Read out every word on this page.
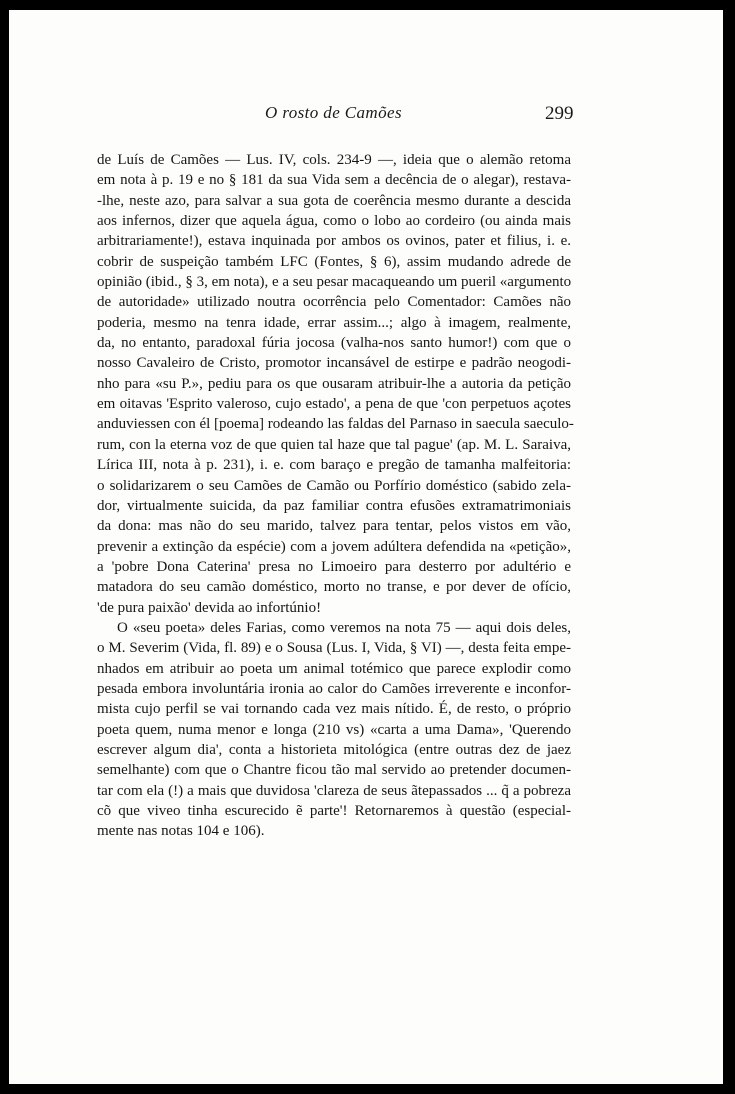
O rosto de Camões	299
de Luís de Camões — Lus. IV, cols. 234-9 —, ideia que o alemão retoma
em nota à p. 19 e no § 181 da sua Vida sem a decência de o alegar), restava-
-lhe, neste azo, para salvar a sua gota de coerência mesmo durante a descida
aos infernos, dizer que aquela água, como o lobo ao cordeiro (ou ainda mais
arbitrariamente!), estava inquinada por ambos os ovinos, pater et filius, i. e.
cobrir de suspeição também LFC (Fontes, § 6), assim mudando adrede de
opinião (ibid., § 3, em nota), e a seu pesar macaqueando um pueril «argumento
de autoridade» utilizado noutra ocorrência pelo Comentador: Camões não
poderia, mesmo na tenra idade, errar assim...; algo à imagem, realmente,
da, no entanto, paradoxal fúria jocosa (valha-nos santo humor!) com que o
nosso Cavaleiro de Cristo, promotor incansável de estirpe e padrão neogodi-
nho para «su P.», pediu para os que ousaram atribuir-lhe a autoria da petição
em oitavas 'Esprito valeroso, cujo estado', a pena de que 'con perpetuos açotes
anduviessen con él [poema] rodeando las faldas del Parnaso in saecula saeculo-
rum, con la eterna voz de que quien tal haze que tal pague' (ap. M. L. Saraiva,
Lírica III, nota à p. 231), i. e. com baraço e pregão de tamanha malfeitoria:
o solidarizarem o seu Camões de Camão ou Porfírio doméstico (sabido zela-
dor, virtualmente suicida, da paz familiar contra efusões extramatrimoniais
da dona: mas não do seu marido, talvez para tentar, pelos vistos em vão,
prevenir a extinção da espécie) com a jovem adúltera defendida na «petição»,
a 'pobre Dona Caterina' presa no Limoeiro para desterro por adultério e
matadora do seu camão doméstico, morto no transe, e por dever de ofício,
'de pura paixão' devida ao infortúnio!
O «seu poeta» deles Farias, como veremos na nota 75 — aqui dois deles,
o M. Severim (Vida, fl. 89) e o Sousa (Lus. I, Vida, § VI) —, desta feita empe-
nhados em atribuir ao poeta um animal totémico que parece explodir como
pesada embora involuntária ironia ao calor do Camões irreverente e inconfor-
mista cujo perfil se vai tornando cada vez mais nítido. É, de resto, o próprio
poeta quem, numa menor e longa (210 vs) «carta a uma Dama», 'Querendo
escrever algum dia', conta a historieta mitológica (entre outras dez de jaez
semelhante) com que o Chantre ficou tão mal servido ao pretender documen-
tar com ela (!) a mais que duvidosa 'clareza de seus ãtepassados ... q̃ a pobreza
cõ que viveo tinha escurecido ẽ parte'! Retornaremos à questão (especial-
mente nas notas 104 e 106).
